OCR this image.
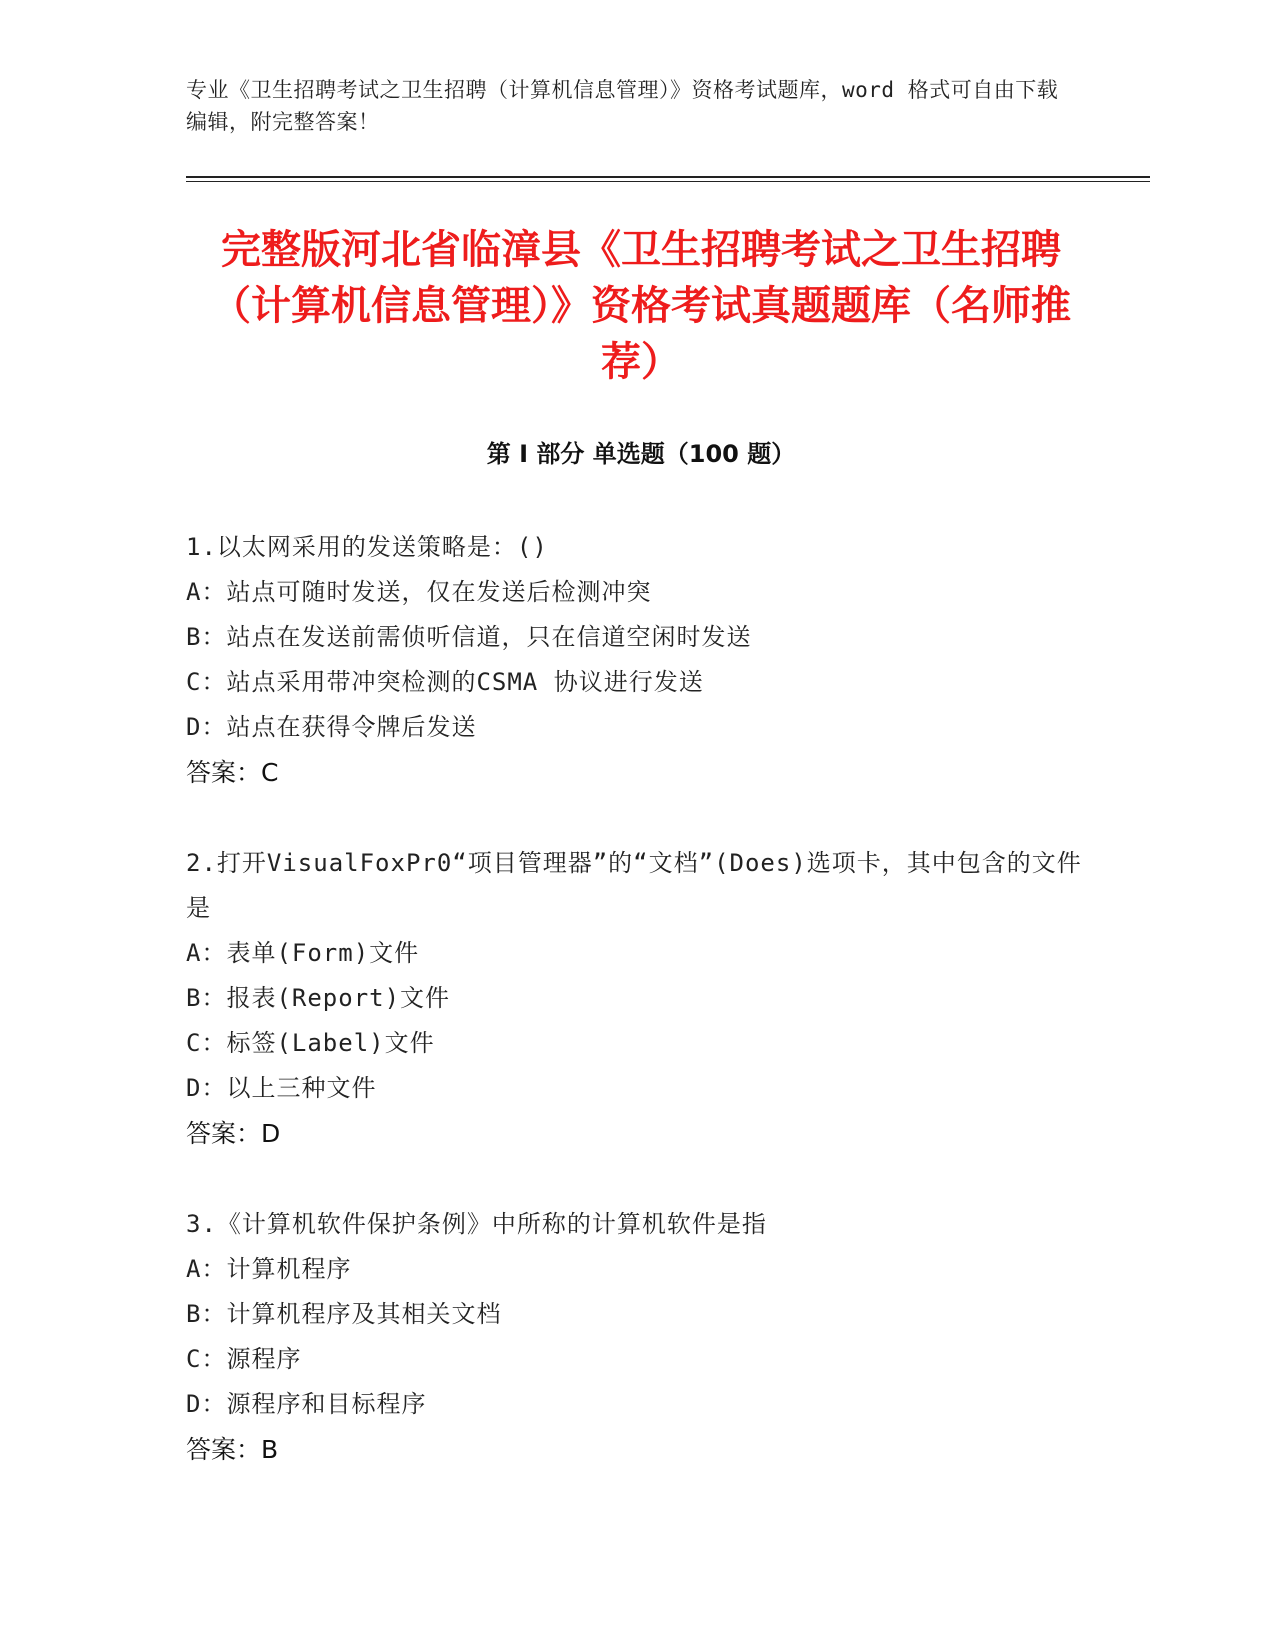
专业《卫生招聘考试之卫生招聘（计算机信息管理）》资格考试题库，word 格式可自由下载编辑，附完整答案！
完整版河北省临漳县《卫生招聘考试之卫生招聘（计算机信息管理）》资格考试真题题库（名师推荐）
第 I 部分 单选题（100 题）
1.以太网采用的发送策略是：()
A：站点可随时发送，仅在发送后检测冲突
B：站点在发送前需侦听信道，只在信道空闲时发送
C：站点采用带冲突检测的CSMA 协议进行发送
D：站点在获得令牌后发送
答案：C
2.打开VisualFoxPr0“项目管理器”的“文档”(Does)选项卡，其中包含的文件是
A：表单(Form)文件
B：报表(Report)文件
C：标签(Label)文件
D：以上三种文件
答案：D
3.《计算机软件保护条例》中所称的计算机软件是指
A：计算机程序
B：计算机程序及其相关文档
C：源程序
D：源程序和目标程序
答案：B
